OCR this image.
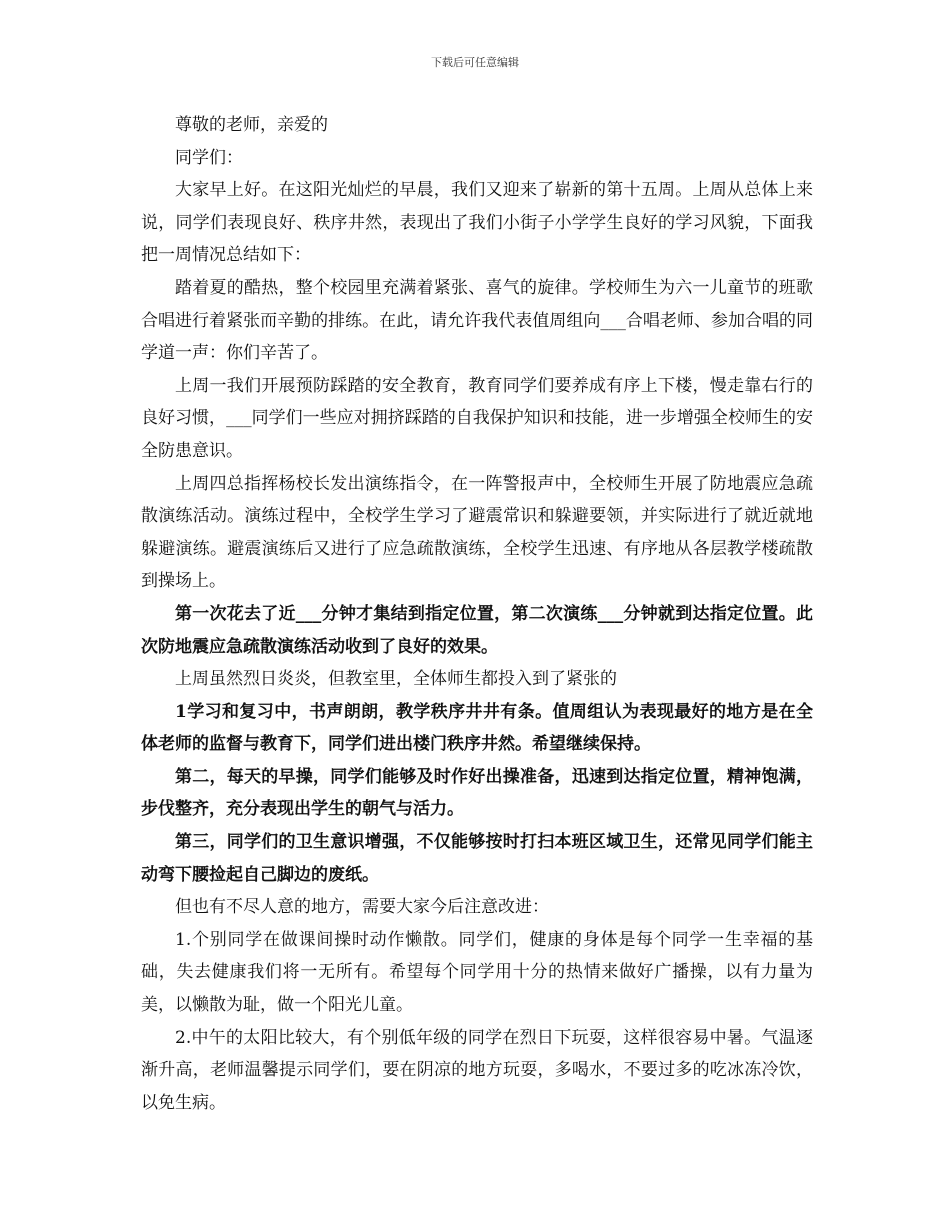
下载后可任意编辑

尊敬的老师，亲爱的

同学们：

大家早上好。在这阳光灿烂的早晨，我们又迎来了崭新的第十五周。上周从总体上来说，同学们表现良好、秩序井然，表现出了我们小街子小学学生良好的学习风貌，下面我把一周情况总结如下：

踏着夏的酷热，整个校园里充满着紧张、喜气的旋律。学校师生为六一儿童节的班歌合唱进行着紧张而辛勤的排练。在此，请允许我代表值周组向___合唱老师、参加合唱的同学道一声：你们辛苦了。

上周一我们开展预防踩踏的安全教育，教育同学们要养成有序上下楼，慢走靠右行的良好习惯，___同学们一些应对拥挤踩踏的自我保护知识和技能，进一步增强全校师生的安全防患意识。

上周四总指挥杨校长发出演练指令，在一阵警报声中，全校师生开展了防地震应急疏散演练活动。演练过程中，全校学生学习了避震常识和躲避要领，并实际进行了就近就地躲避演练。避震演练后又进行了应急疏散演练，全校学生迅速、有序地从各层教学楼疏散到操场上。

第一次花去了近___分钟才集结到指定位置，第二次演练___分钟就到达指定位置。此次防地震应急疏散演练活动收到了良好的效果。

上周虽然烈日炎炎，但教室里，全体师生都投入到了紧张的

1学习和复习中，书声朗朗，教学秩序井井有条。值周组认为表现最好的地方是在全体老师的监督与教育下，同学们进出楼门秩序井然。希望继续保持。

第二，每天的早操，同学们能够及时作好出操准备，迅速到达指定位置，精神饱满，步伐整齐，充分表现出学生的朝气与活力。

第三，同学们的卫生意识增强，不仅能够按时打扫本班区域卫生，还常见同学们能主动弯下腰捡起自己脚边的废纸。

但也有不尽人意的地方，需要大家今后注意改进：

1.个别同学在做课间操时动作懒散。同学们，健康的身体是每个同学一生幸福的基础，失去健康我们将一无所有。希望每个同学用十分的热情来做好广播操，以有力量为美，以懒散为耻，做一个阳光儿童。

2.中午的太阳比较大，有个别低年级的同学在烈日下玩耍，这样很容易中暑。气温逐渐升高，老师温馨提示同学们，要在阴凉的地方玩耍，多喝水，不要过多的吃冰冻冷饮，以免生病。
